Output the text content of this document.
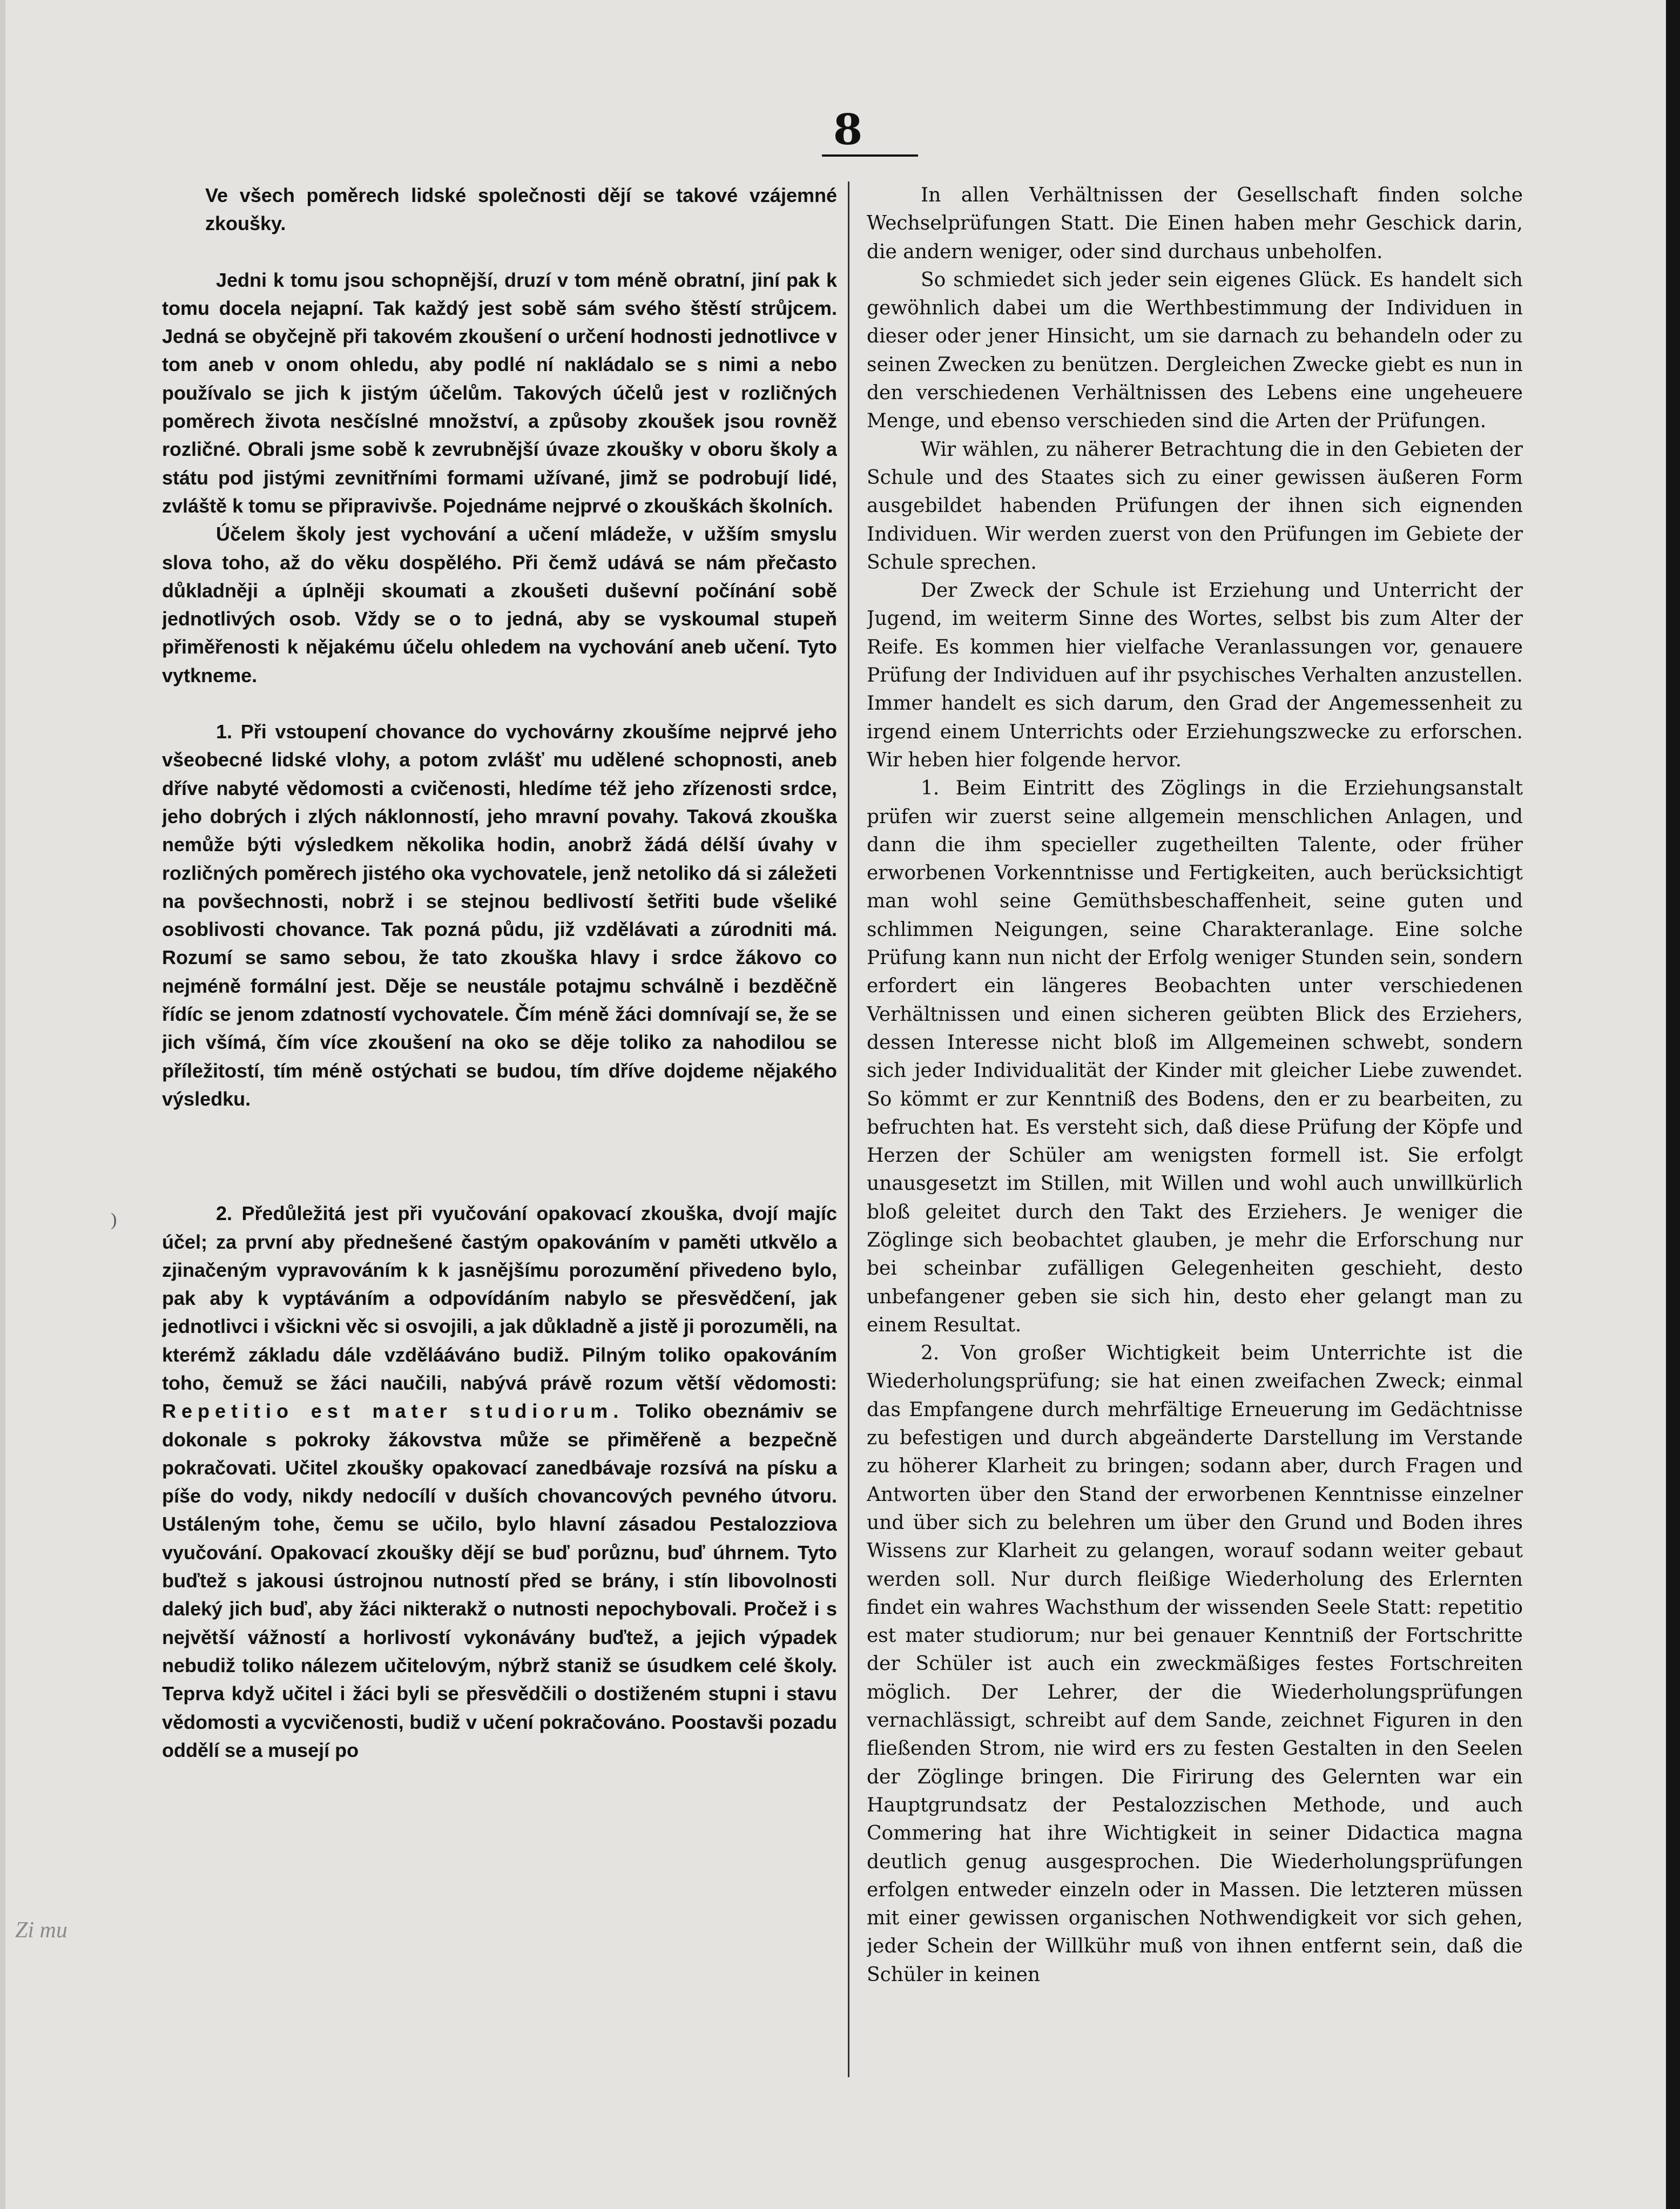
8

Ve všech poměrech lidské společnosti dějí se takové vzájemné zkoušky.

Jedni k tomu jsou schopnější, druzí v tom méně obratní, jiní pak k tomu docela nejapní. Tak každý jest sobě sám svého štěstí strůjcem. Jedná se obyčejně při takovém zkoušení o určení hodnosti jednotlivce v tom aneb v onom ohledu, aby podlé ní nakládalo se s nimi a nebo používalo se jich k jistým účelům. Takových účelů jest v rozličných poměrech života nesčíslné množství, a způsoby zkoušek jsou rovněž rozličné. Obrali jsme sobě k zevrubnější úvaze zkoušky v oboru školy a státu pod jistými zevnitřními formami užívané, jimž se podrobují lidé, zvláště k tomu se připravivše. Pojednáme nejprvé o zkouškách školních.

Účelem školy jest vychování a učení mládeže, v užším smyslu slova toho, až do věku dospělého. Při čemž udává se nám přečasto důkladněji a úplněji skoumati a zkoušeti duševní počínání sobě jednotlivých osob. Vždy se o to jedná, aby se vyskoumal stupeň přiměřenosti k nějakému účelu ohledem na vychování aneb učení. Tyto vytkneme.

1. Při vstoupení chovance do vychovárny zkoušíme nejprvé jeho všeobecné lidské vlohy, a potom zvlášť mu udělené schopnosti, aneb dříve nabyté vědomosti a cvičenosti, hledíme též jeho zřízenosti srdce, jeho dobrých i zlých náklonností, jeho mravní povahy. Taková zkouška nemůže býti výsledkem několika hodin, anobrž žádá délší úvahy v rozličných poměrech jistého oka vychovatele, jenž netoliko dá si záležeti na povšechnosti, nobrž i se stejnou bedlivostí šetřiti bude všeliké osoblivosti chovance. Tak pozná půdu, již vzdělávati a zúrodniti má. Rozumí se samo sebou, že tato zkouška hlavy i srdce žákovo co nejméně formální jest. Děje se neustále potajmu schválně i bezděčně řídíc se jenom zdatností vychovatele. Čím méně žáci domnívají se, že se jich všímá, čím více zkoušení na oko se děje toliko za nahodilou se příležitostí, tím méně ostýchati se budou, tím dříve dojdeme nějakého výsledku.

2. Předůležitá jest při vyučování opakovací zkouška, dvojí majíc účel; za první aby přednešené častým opakováním v paměti utkvělo a zjinačeným vypravováním k k jasnějšímu porozumění přivedeno bylo, pak aby k vyptáváním a odpovídáním nabylo se přesvědčení, jak jednotlivci i všickni věc si osvojili, a jak důkladně a jistě ji porozuměli, na kterémž základu dále vzdělááváno budiž. Pilným toliko opakováním toho, čemuž se žáci naučili, nabývá právě rozum větší vědomosti: Repetitio est mater studiorum. Toliko obeznámiv se dokonale s pokroky žákovstva může se přiměřeně a bezpečně pokračovati. Učitel zkoušky opakovací zanedbávaje rozsívá na písku a píše do vody, nikdy nedocílí v duších chovancových pevného útvoru. Ustáleným tohe, čemu se učilo, bylo hlavní zásadou Pestalozziova vyučování. Opakovací zkoušky dějí se buď porůznu, buď úhrnem. Tyto buďtež s jakousi ústrojnou nutností před se brány, i stín libovolnosti daleký jich buď, aby žáci nikterakž o nutnosti nepochybovali. Pročež i s největší vážností a horlivostí vykonávány buďtež, a jejich výpadek nebudiž toliko nálezem učitelovým, nýbrž staniž se úsudkem celé školy. Teprva když učitel i žáci byli se přesvědčili o dostiženém stupni i stavu vědomosti a vycvičenosti, budiž v učení pokračováno. Poostavši pozadu oddělí se a musejí po

In allen Verhältnissen der Gesellschaft finden solche Wechselprüfungen Statt. Die Einen haben mehr Geschick darin, die andern weniger, oder sind durchaus unbeholfen.

So schmiedet sich jeder sein eigenes Glück. Es handelt sich gewöhnlich dabei um die Werthbestimmung der Individuen in dieser oder jener Hinsicht, um sie darnach zu behandeln oder zu seinen Zwecken zu benützen. Dergleichen Zwecke giebt es nun in den verschiedenen Verhältnissen des Lebens eine ungeheuere Menge, und ebenso verschieden sind die Arten der Prüfungen.

Wir wählen, zu näherer Betrachtung die in den Gebieten der Schule und des Staates sich zu einer gewissen äußeren Form ausgebildet habenden Prüfungen der ihnen sich eignenden Individuen. Wir werden zuerst von den Prüfungen im Gebiete der Schule sprechen.

Der Zweck der Schule ist Erziehung und Unterricht der Jugend, im weiterm Sinne des Wortes, selbst bis zum Alter der Reife. Es kommen hier vielfache Veranlassungen vor, genauere Prüfung der Individuen auf ihr psychisches Verhalten anzustellen. Immer handelt es sich darum, den Grad der Angemessenheit zu irgend einem Unterrichts oder Erziehungszwecke zu erforschen. Wir heben hier folgende hervor.

1. Beim Eintritt des Zöglings in die Erziehungsanstalt prüfen wir zuerst seine allgemein menschlichen Anlagen, und dann die ihm specieller zugetheilten Talente, oder früher erworbenen Vorkenntnisse und Fertigkeiten, auch berücksichtigt man wohl seine Gemüthsbeschaffenheit, seine guten und schlimmen Neigungen, seine Charakteranlage. Eine solche Prüfung kann nun nicht der Erfolg weniger Stunden sein, sondern erfordert ein längeres Beobachten unter verschiedenen Verhältnissen und einen sicheren geübten Blick des Erziehers, dessen Interesse nicht bloß im Allgemeinen schwebt, sondern sich jeder Individualität der Kinder mit gleicher Liebe zuwendet. So kömmt er zur Kenntniß des Bodens, den er zu bearbeiten, zu befruchten hat. Es versteht sich, daß diese Prüfung der Köpfe und Herzen der Schüler am wenigsten formell ist. Sie erfolgt unausgesetzt im Stillen, mit Willen und wohl auch unwillkürlich bloß geleitet durch den Takt des Erziehers. Je weniger die Zöglinge sich beobachtet glauben, je mehr die Erforschung nur bei scheinbar zufälligen Gelegenheiten geschieht, desto unbefangener geben sie sich hin, desto eher gelangt man zu einem Resultat.

2. Von großer Wichtigkeit beim Unterrichte ist die Wiederholungsprüfung; sie hat einen zweifachen Zweck; einmal das Empfangene durch mehrfältige Erneuerung im Gedächtnisse zu befestigen und durch abgeänderte Darstellung im Verstande zu höherer Klarheit zu bringen; sodann aber, durch Fragen und Antworten über den Stand der erworbenen Kenntnisse einzelner und über sich zu belehren um über den Grund und Boden ihres Wissens zur Klarheit zu gelangen, worauf sodann weiter gebaut werden soll. Nur durch fleißige Wiederholung des Erlernten findet ein wahres Wachsthum der wissenden Seele Statt: repetitio est mater studiorum; nur bei genauer Kenntniß der Fortschritte der Schüler ist auch ein zweckmäßiges festes Fortschreiten möglich. Der Lehrer, der die Wiederholungsprüfungen vernachlässigt, schreibt auf dem Sande, zeichnet Figuren in den fließenden Strom, nie wird ers zu festen Gestalten in den Seelen der Zöglinge bringen. Die Firirung des Gelernten war ein Hauptgrundsatz der Pestalozzischen Methode, und auch Commering hat ihre Wichtigkeit in seiner Didactica magna deutlich genug ausgesprochen. Die Wiederholungsprüfungen erfolgen entweder einzeln oder in Massen. Die letzteren müssen mit einer gewissen organischen Nothwendigkeit vor sich gehen, jeder Schein der Willkühr muß von ihnen entfernt sein, daß die Schüler in keinen

)
Zi mu
